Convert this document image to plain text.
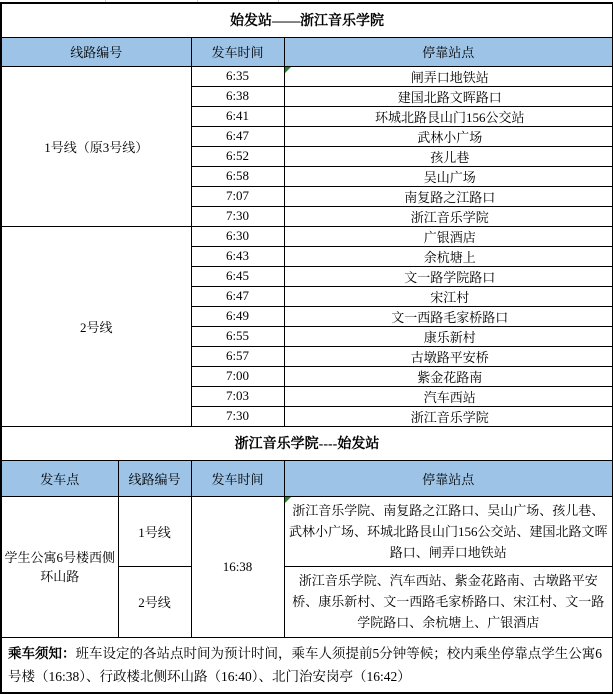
始发站——浙江音乐学院			
线路编号		发车时间	停靠站点
1号线（原3号线）		6:35	闸弄口地铁站
		6:38	建国北路文晖路口
		6:41	环城北路艮山门156公交站
		6:47	武林小广场
		6:52	孩儿巷
		6:58	吴山广场
		7:07	南复路之江路口
		7:30	浙江音乐学院
2号线		6:30	广银酒店
		6:43	余杭塘上
		6:45	文一路学院路口
		6:47	宋江村
		6:49	文一西路毛家桥路口
		6:55	康乐新村
		6:57	古墩路平安桥
		7:00	紫金花路南
		7:03	汽车西站
		7:30	浙江音乐学院
浙江音乐学院----始发站			
发车点	线路编号	发车时间	停靠站点
学生公寓6号楼西侧环山路	1号线	16:38	浙江音乐学院、南复路之江路口、吴山广场、孩儿巷、武林小广场、环城北路艮山门156公交站、建国北路文晖路口、闸弄口地铁站
	2号线		浙江音乐学院、汽车西站、紫金花路南、古墩路平安桥、康乐新村、文一西路毛家桥路口、宋江村、文一路学院路口、余杭塘上、广银酒店
乘车须知：班车设定的各站点时间为预计时间，乘车人须提前5分钟等候；校内乘坐停靠点学生公寓6号楼（16:38）、行政楼北侧环山路（16:40）、北门治安岗亭（16:42）			
